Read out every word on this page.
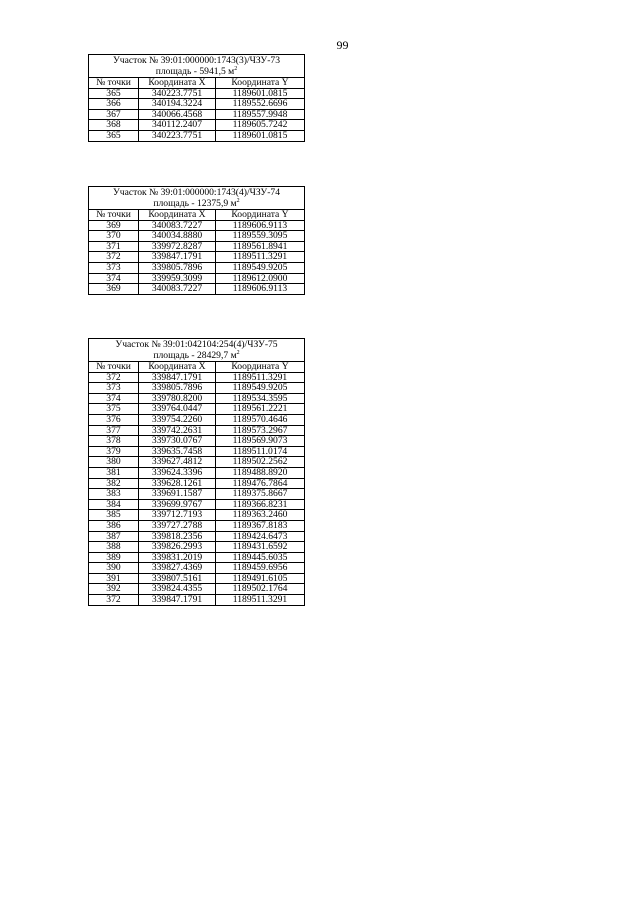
99
Участок № 39:01:000000:1743(3)/ЧЗУ-73		
площадь - 5941,5 $м^2$
№ точки	Координата X	Координата Y
365	340223.7751	1189601.0815
366	340194.3224	1189552.6696
367	340066.4568	1189557.9948
368	340112.2407	1189605.7242
365	340223.7751	1189601.0815
Участок № 39:01:000000:1743(4)/ЧЗУ-74		
площадь - 12375,9 $м^2$
№ точки	Координата X	Координата Y
369	340083.7227	1189606.9113
370	340034.8880	1189559.3095
371	339972.8287	1189561.8941
372	339847.1791	1189511.3291
373	339805.7896	1189549.9205
374	339959.3099	1189612.0900
369	340083.7227	1189606.9113
Участок № 39:01:042104:254(4)/ЧЗУ-75		
площадь - 28429,7 $м^2$
№ точки	Координата X	Координата Y
372	339847.1791	1189511.3291
373	339805.7896	1189549.9205
374	339780.8200	1189534.3595
375	339764.0447	1189561.2221
376	339754.2260	1189570.4646
377	339742.2631	1189573.2967
378	339730.0767	1189569.9073
379	339635.7458	1189511.0174
380	339627.4812	1189502.2562
381	339624.3396	1189488.8920
382	339628.1261	1189476.7864
383	339691.1587	1189375.8667
384	339699.9767	1189366.8231
385	339712.7193	1189363.2460
386	339727.2788	1189367.8183
387	339818.2356	1189424.6473
388	339826.2993	1189431.6592
389	339831.2019	1189445.6035
390	339827.4369	1189459.6956
391	339807.5161	1189491.6105
392	339824.4355	1189502.1764
372	339847.1791	1189511.3291
